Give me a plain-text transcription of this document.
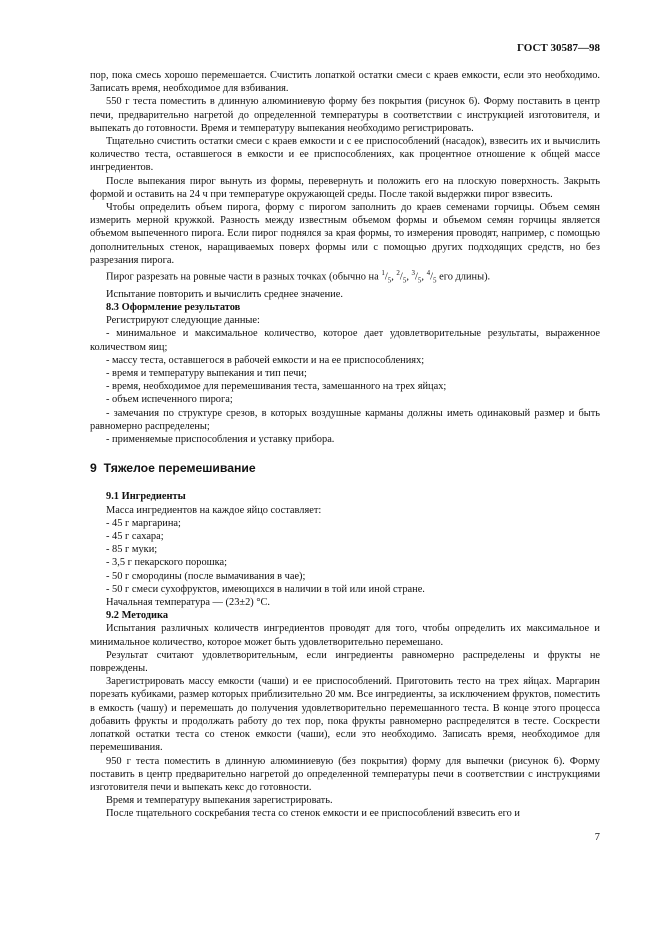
ГОСТ 30587—98

пор, пока смесь хорошо перемешается. Счистить лопаткой остатки смеси с краев емкости, если это необходимо. Записать время, необходимое для взбивания.

550 г теста поместить в длинную алюминиевую форму без покрытия (рисунок 6). Форму поставить в центр печи, предварительно нагретой до определенной температуры в соответствии с инструкцией изготовителя, и выпекать до готовности. Время и температуру выпекания необходимо регистрировать.

Тщательно счистить остатки смеси с краев емкости и с ее приспособлений (насадок), взвесить их и вычислить количество теста, оставшегося в емкости и ее приспособлениях, как процентное отношение к общей массе ингредиентов.

После выпекания пирог вынуть из формы, перевернуть и положить его на плоскую поверхность. Закрыть формой и оставить на 24 ч при температуре окружающей среды. После такой выдержки пирог взвесить.

Чтобы определить объем пирога, форму с пирогом заполнить до краев семенами горчицы. Объем семян измерить мерной кружкой. Разность между известным объемом формы и объемом семян горчицы является объемом выпеченного пирога. Если пирог поднялся за края формы, то измерения проводят, например, с помощью дополнительных стенок, наращиваемых поверх формы или с помощью других подходящих средств, но без разрезания пирога.

Пирог разрезать на ровные части в разных точках (обычно на $^1/_5$, $^2/_5$, $^3/_5$, $^4/_5$ его длины).

Испытание повторить и вычислить среднее значение.

8.3 Оформление результатов

Регистрируют следующие данные:

- минимальное и максимальное количество, которое дает удовлетворительные результаты, выраженное количеством яиц;

- массу теста, оставшегося в рабочей емкости и на ее приспособлениях;

- время и температуру выпекания и тип печи;

- время, необходимое для перемешивания теста, замешанного на трех яйцах;

- объем испеченного пирога;

- замечания по структуре срезов, в которых воздушные карманы должны иметь одинаковый размер и быть равномерно распределены;

- применяемые приспособления и уставку прибора.

9 Тяжелое перемешивание

9.1 Ингредиенты

Масса ингредиентов на каждое яйцо составляет:

- 45 г маргарина;

- 45 г сахара;

- 85 г муки;

- 3,5 г пекарского порошка;

- 50 г смородины (после вымачивания в чае);

- 50 г смеси сухофруктов, имеющихся в наличии в той или иной стране.

Начальная температура — (23±2) °С.

9.2 Методика

Испытания различных количеств ингредиентов проводят для того, чтобы определить их максимальное и минимальное количество, которое может быть удовлетворительно перемешано.

Результат считают удовлетворительным, если ингредиенты равномерно распределены и фрукты не повреждены.

Зарегистрировать массу емкости (чаши) и ее приспособлений. Приготовить тесто на трех яйцах. Маргарин порезать кубиками, размер которых приблизительно 20 мм. Все ингредиенты, за исключением фруктов, поместить в емкость (чашу) и перемешать до получения удовлетворительно перемешанного теста. В конце этого процесса добавить фрукты и продолжать работу до тех пор, пока фрукты равномерно распределятся в тесте. Соскрести лопаткой остатки теста со стенок емкости (чаши), если это необходимо. Записать время, необходимое для перемешивания.

950 г теста поместить в длинную алюминиевую (без покрытия) форму для выпечки (рисунок 6). Форму поставить в центр предварительно нагретой до определенной температуры печи в соответствии с инструкциями изготовителя печи и выпекать кекс до готовности.

Время и температуру выпекания зарегистрировать.

После тщательного соскребания теста со стенок емкости и ее приспособлений взвесить его и

7
